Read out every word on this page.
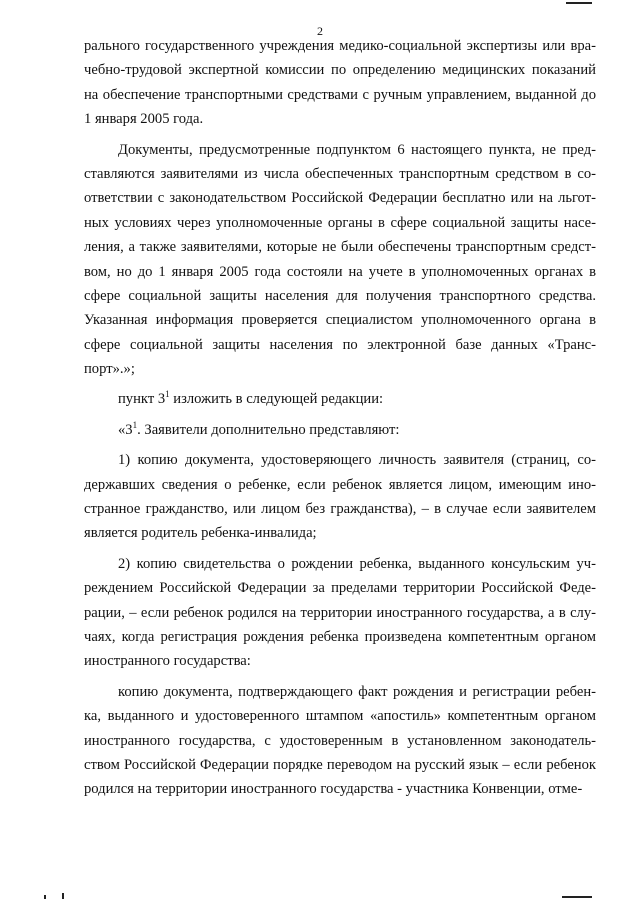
2
рального государственного учреждения медико-социальной экспертизы или вра-
чебно-трудовой экспертной комиссии по определению медицинских показаний
на обеспечение транспортными средствами с ручным управлением, выданной до
1 января 2005 года.
Документы, предусмотренные подпунктом 6 настоящего пункта, не пред-
ставляются заявителями из числа обеспеченных транспортным средством в со-
ответствии с законодательством Российской Федерации бесплатно или на льгот-
ных условиях через уполномоченные органы в сфере социальной защиты насе-
ления, а также заявителями, которые не были обеспечены транспортным средст-
вом, но до 1 января 2005 года состояли на учете в уполномоченных органах в
сфере социальной защиты населения для получения транспортного средства.
Указанная информация проверяется специалистом уполномоченного органа в
сфере социальной защиты населения по электронной базе данных «Транс-
порт».»;
пункт $3^1$ изложить в следующей редакции:
«$3^1$. Заявители дополнительно представляют:
1) копию документа, удостоверяющего личность заявителя (страниц, со-
державших сведения о ребенке, если ребенок является лицом, имеющим ино-
странное гражданство, или лицом без гражданства), – в случае если заявителем
является родитель ребенка-инвалида;
2) копию свидетельства о рождении ребенка, выданного консульским уч-
реждением Российской Федерации за пределами территории Российской Феде-
рации, – если ребенок родился на территории иностранного государства, а в слу-
чаях, когда регистрация рождения ребенка произведена компетентным органом
иностранного государства:
копию документа, подтверждающего факт рождения и регистрации ребен-
ка, выданного и удостоверенного штампом «апостиль» компетентным органом
иностранного государства, с удостоверенным в установленном законодатель-
ством Российской Федерации порядке переводом на русский язык – если ребенок
родился на территории иностранного государства - участника Конвенции, отме-
